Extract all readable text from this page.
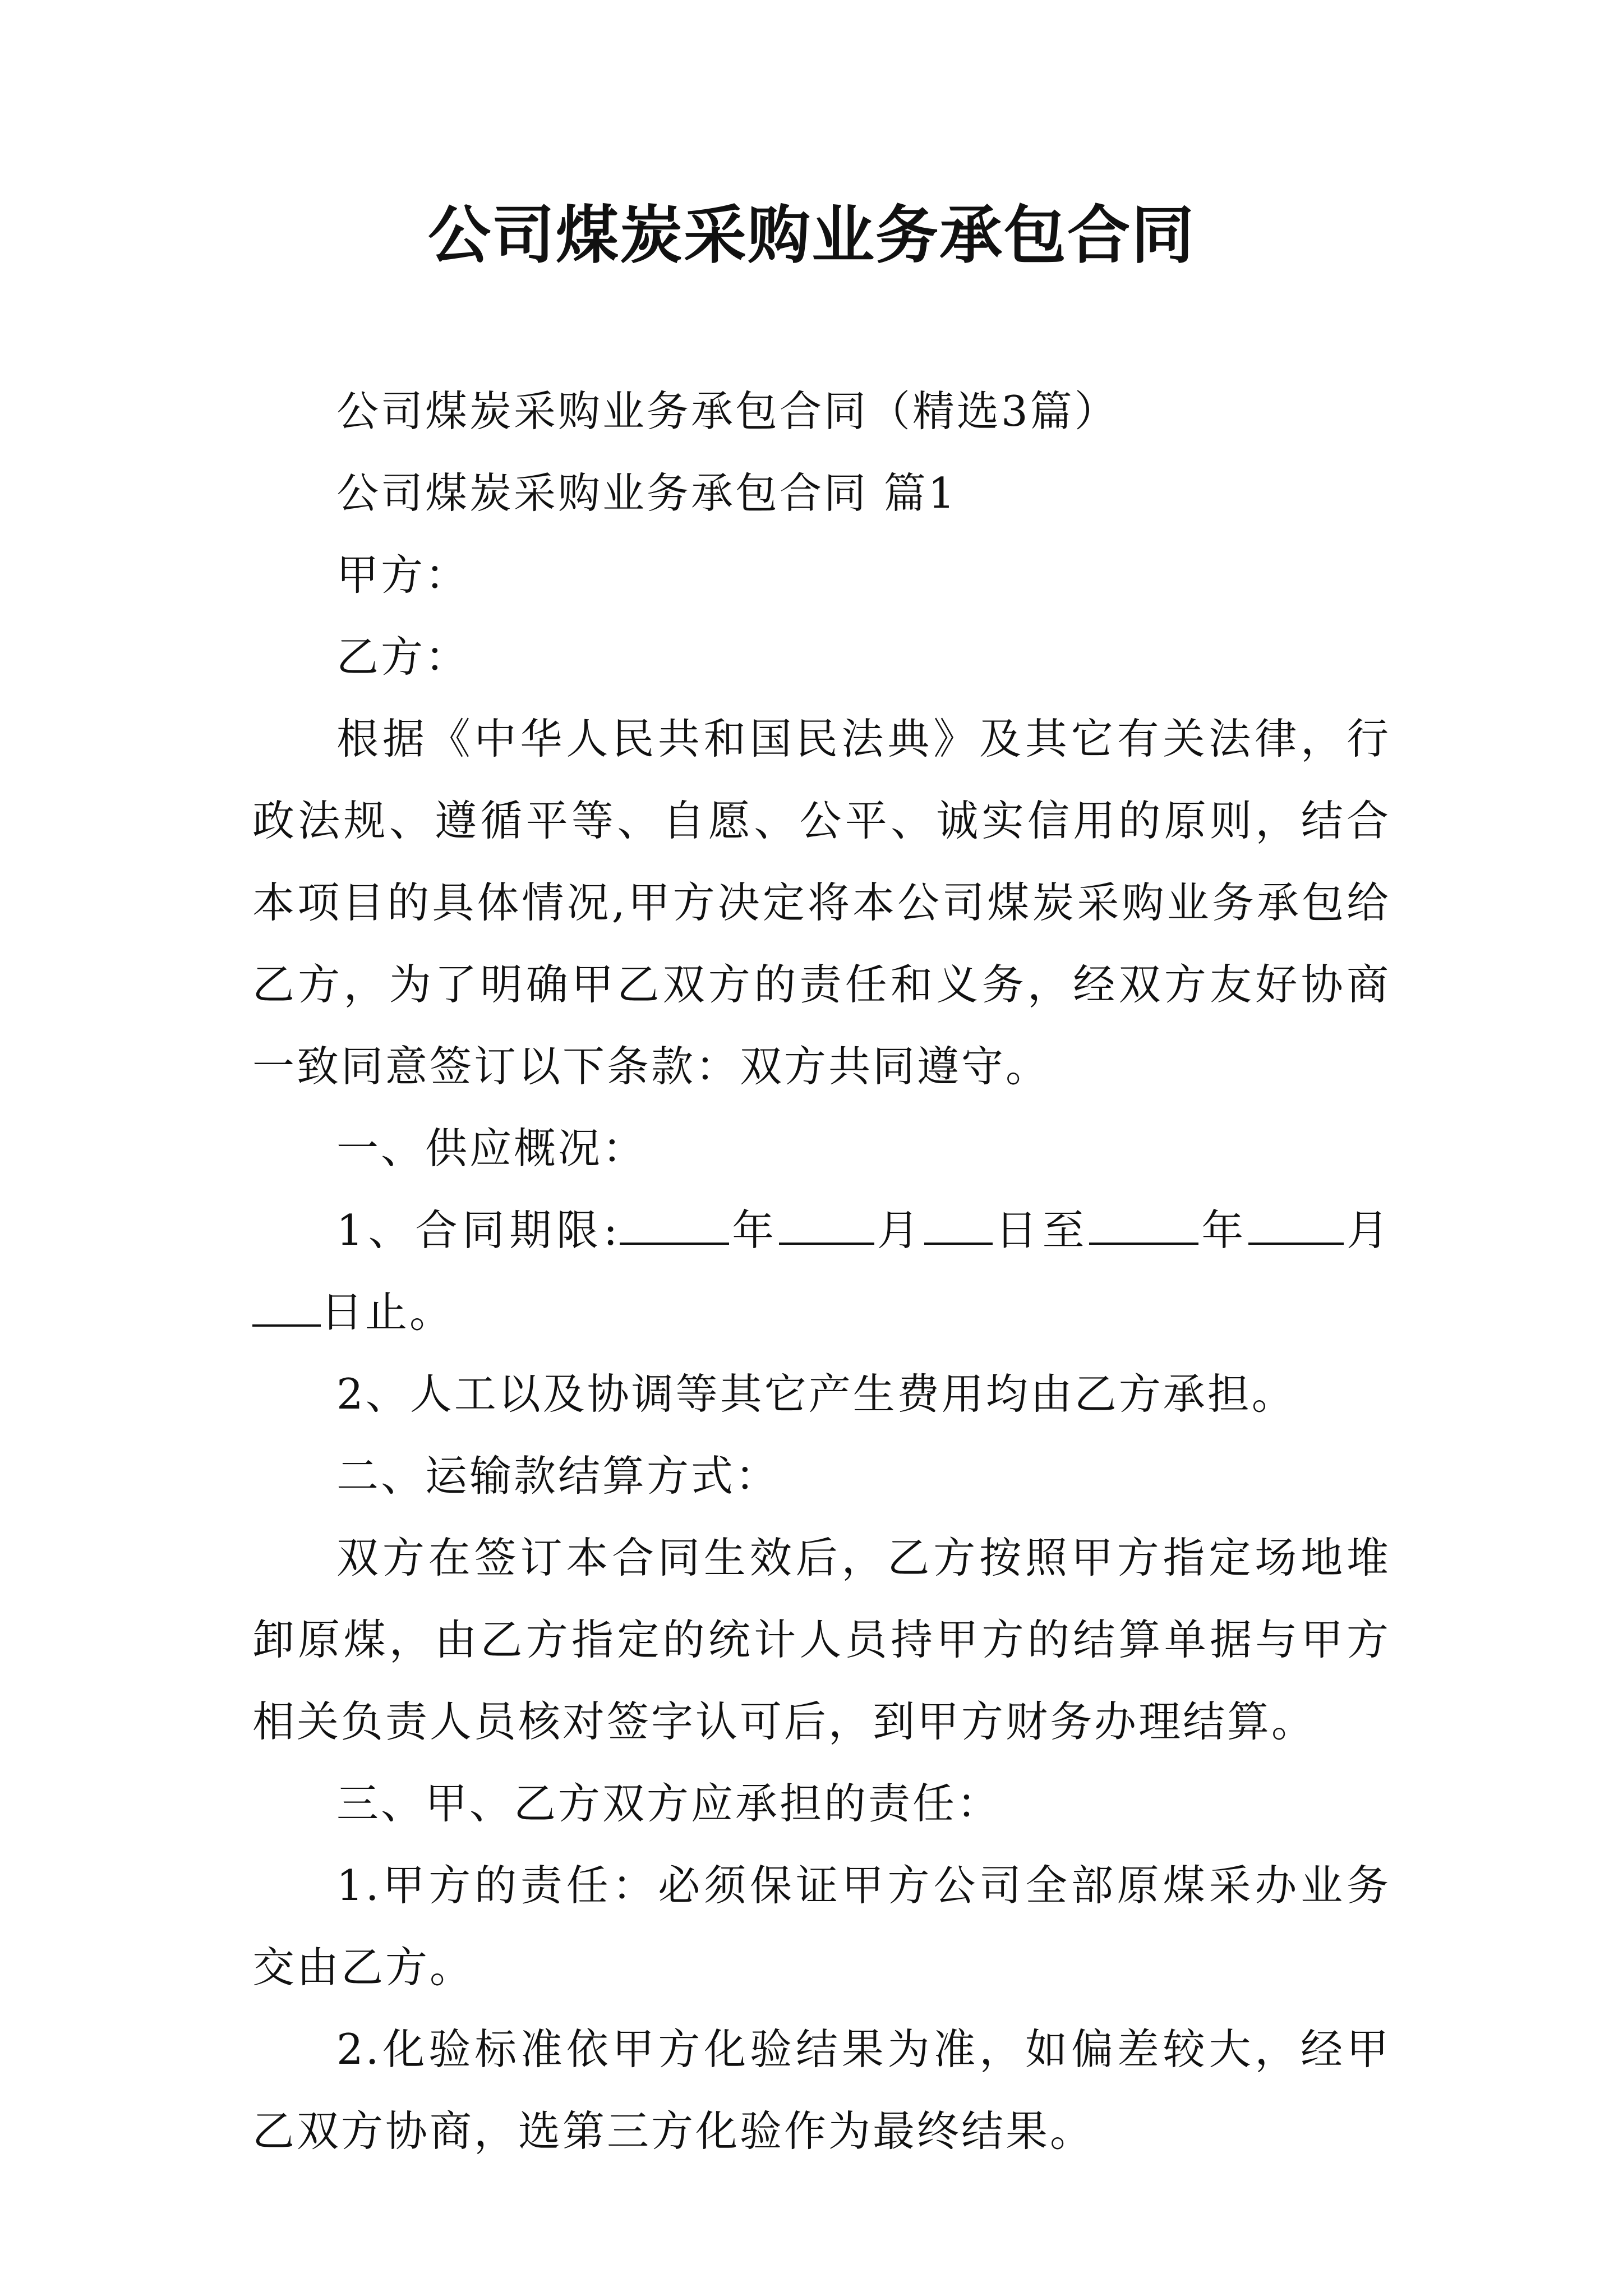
公司煤炭采购业务承包合同

公司煤炭采购业务承包合同（精选3篇）

公司煤炭采购业务承包合同 篇1

甲方：

乙方：

根据《中华人民共和国民法典》及其它有关法律，行政法规、遵循平等、自愿、公平、诚实信用的原则，结合本项目的具体情况,甲方决定将本公司煤炭采购业务承包给乙方，为了明确甲乙双方的责任和义务，经双方友好协商一致同意签订以下条款：双方共同遵守。

一、供应概况：

1、合同期限:	年 月 日至	年 月日止。

2、人工以及协调等其它产生费用均由乙方承担。

二、运输款结算方式：

双方在签订本合同生效后，乙方按照甲方指定场地堆卸原煤，由乙方指定的统计人员持甲方的结算单据与甲方相关负责人员核对签字认可后，到甲方财务办理结算。

三、甲、乙方双方应承担的责任：

1.甲方的责任：必须保证甲方公司全部原煤采办业务交由乙方。

2.化验标准依甲方化验结果为准，如偏差较大，经甲乙双方协商，选第三方化验作为最终结果。
